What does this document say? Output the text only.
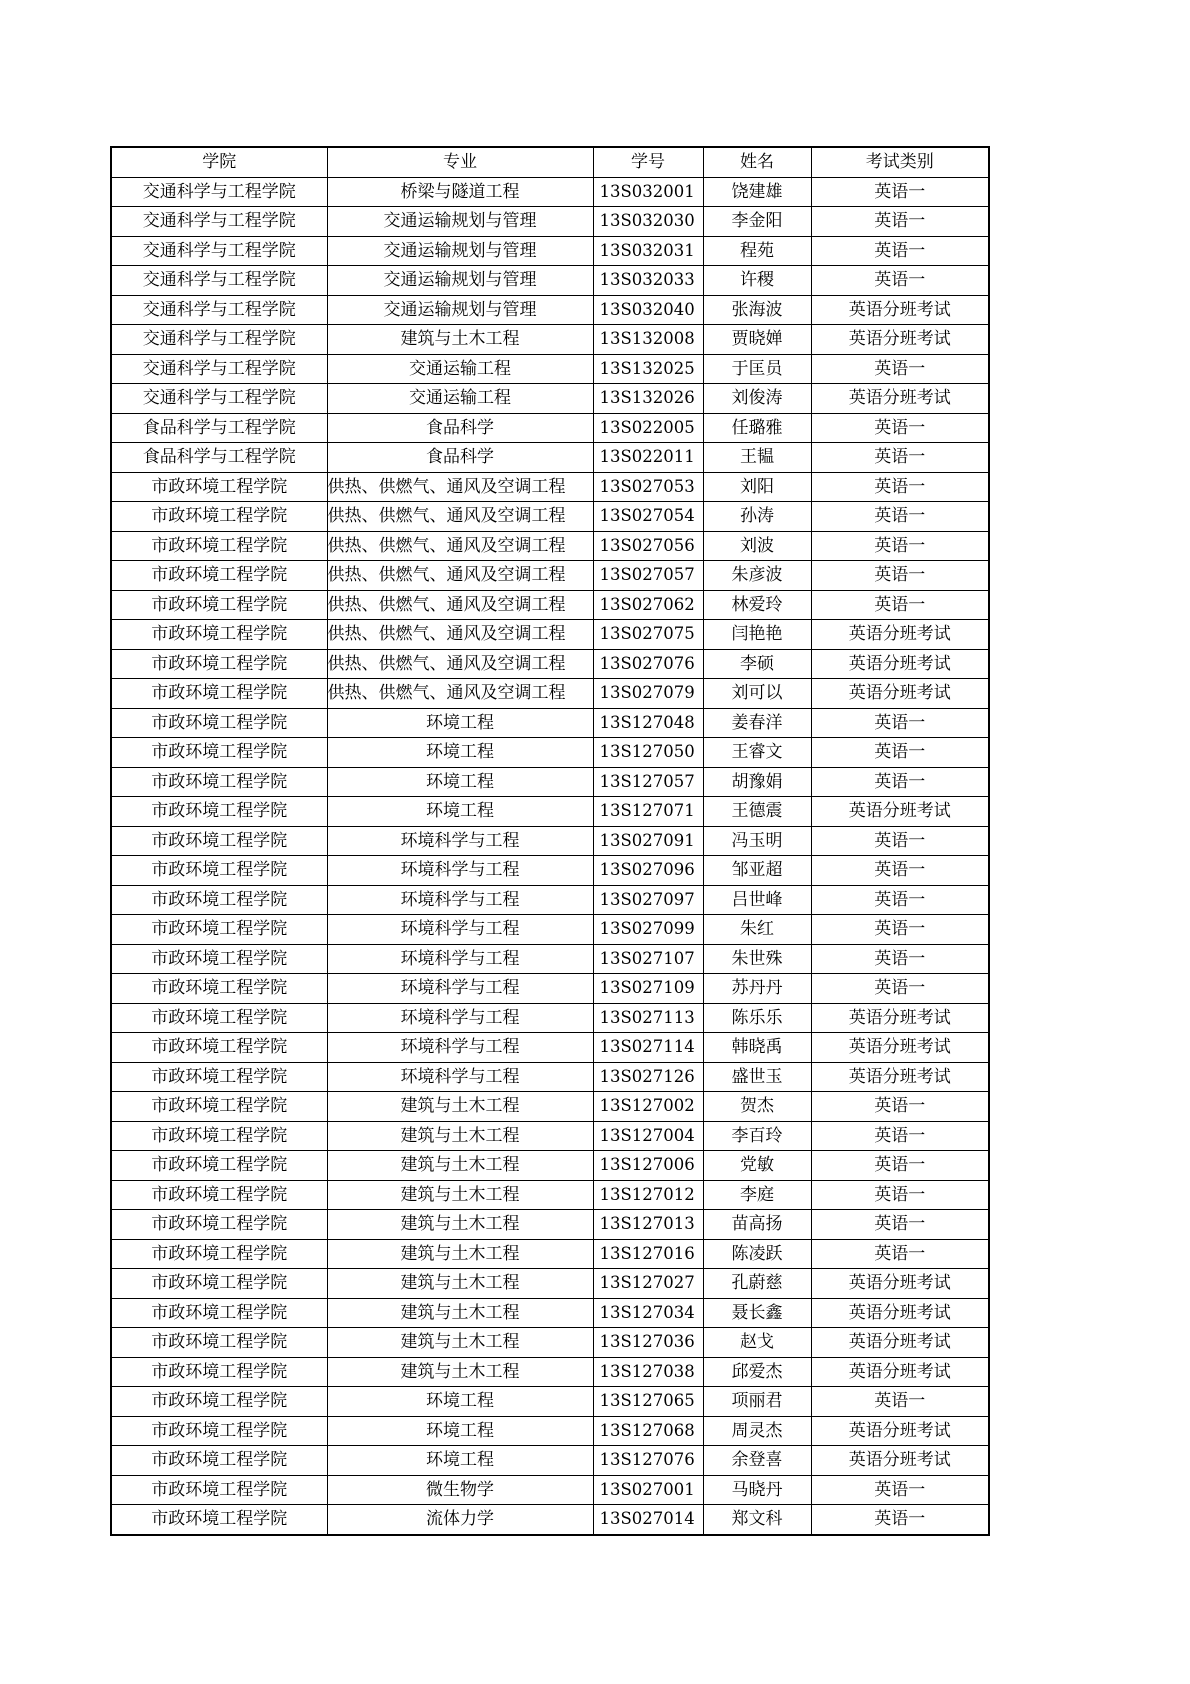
学院	专业	学号	姓名	考试类别
交通科学与工程学院	桥梁与隧道工程	13S032001	饶建雄	英语一
交通科学与工程学院	交通运输规划与管理	13S032030	李金阳	英语一
交通科学与工程学院	交通运输规划与管理	13S032031	程苑	英语一
交通科学与工程学院	交通运输规划与管理	13S032033	许稷	英语一
交通科学与工程学院	交通运输规划与管理	13S032040	张海波	英语分班考试
交通科学与工程学院	建筑与土木工程	13S132008	贾晓婵	英语分班考试
交通科学与工程学院	交通运输工程	13S132025	于匡员	英语一
交通科学与工程学院	交通运输工程	13S132026	刘俊涛	英语分班考试
食品科学与工程学院	食品科学	13S022005	任璐雅	英语一
食品科学与工程学院	食品科学	13S022011	王韫	英语一
市政环境工程学院	供热、供燃气、通风及空调工程	13S027053	刘阳	英语一
市政环境工程学院	供热、供燃气、通风及空调工程	13S027054	孙涛	英语一
市政环境工程学院	供热、供燃气、通风及空调工程	13S027056	刘波	英语一
市政环境工程学院	供热、供燃气、通风及空调工程	13S027057	朱彦波	英语一
市政环境工程学院	供热、供燃气、通风及空调工程	13S027062	林爱玲	英语一
市政环境工程学院	供热、供燃气、通风及空调工程	13S027075	闫艳艳	英语分班考试
市政环境工程学院	供热、供燃气、通风及空调工程	13S027076	李硕	英语分班考试
市政环境工程学院	供热、供燃气、通风及空调工程	13S027079	刘可以	英语分班考试
市政环境工程学院	环境工程	13S127048	姜春洋	英语一
市政环境工程学院	环境工程	13S127050	王睿文	英语一
市政环境工程学院	环境工程	13S127057	胡豫娟	英语一
市政环境工程学院	环境工程	13S127071	王德震	英语分班考试
市政环境工程学院	环境科学与工程	13S027091	冯玉明	英语一
市政环境工程学院	环境科学与工程	13S027096	邹亚超	英语一
市政环境工程学院	环境科学与工程	13S027097	吕世峰	英语一
市政环境工程学院	环境科学与工程	13S027099	朱红	英语一
市政环境工程学院	环境科学与工程	13S027107	朱世殊	英语一
市政环境工程学院	环境科学与工程	13S027109	苏丹丹	英语一
市政环境工程学院	环境科学与工程	13S027113	陈乐乐	英语分班考试
市政环境工程学院	环境科学与工程	13S027114	韩晓禹	英语分班考试
市政环境工程学院	环境科学与工程	13S027126	盛世玉	英语分班考试
市政环境工程学院	建筑与土木工程	13S127002	贺杰	英语一
市政环境工程学院	建筑与土木工程	13S127004	李百玲	英语一
市政环境工程学院	建筑与土木工程	13S127006	党敏	英语一
市政环境工程学院	建筑与土木工程	13S127012	李庭	英语一
市政环境工程学院	建筑与土木工程	13S127013	苗高扬	英语一
市政环境工程学院	建筑与土木工程	13S127016	陈凌跃	英语一
市政环境工程学院	建筑与土木工程	13S127027	孔蔚慈	英语分班考试
市政环境工程学院	建筑与土木工程	13S127034	聂长鑫	英语分班考试
市政环境工程学院	建筑与土木工程	13S127036	赵戈	英语分班考试
市政环境工程学院	建筑与土木工程	13S127038	邱爱杰	英语分班考试
市政环境工程学院	环境工程	13S127065	项丽君	英语一
市政环境工程学院	环境工程	13S127068	周灵杰	英语分班考试
市政环境工程学院	环境工程	13S127076	余登喜	英语分班考试
市政环境工程学院	微生物学	13S027001	马晓丹	英语一
市政环境工程学院	流体力学	13S027014	郑文科	英语一
